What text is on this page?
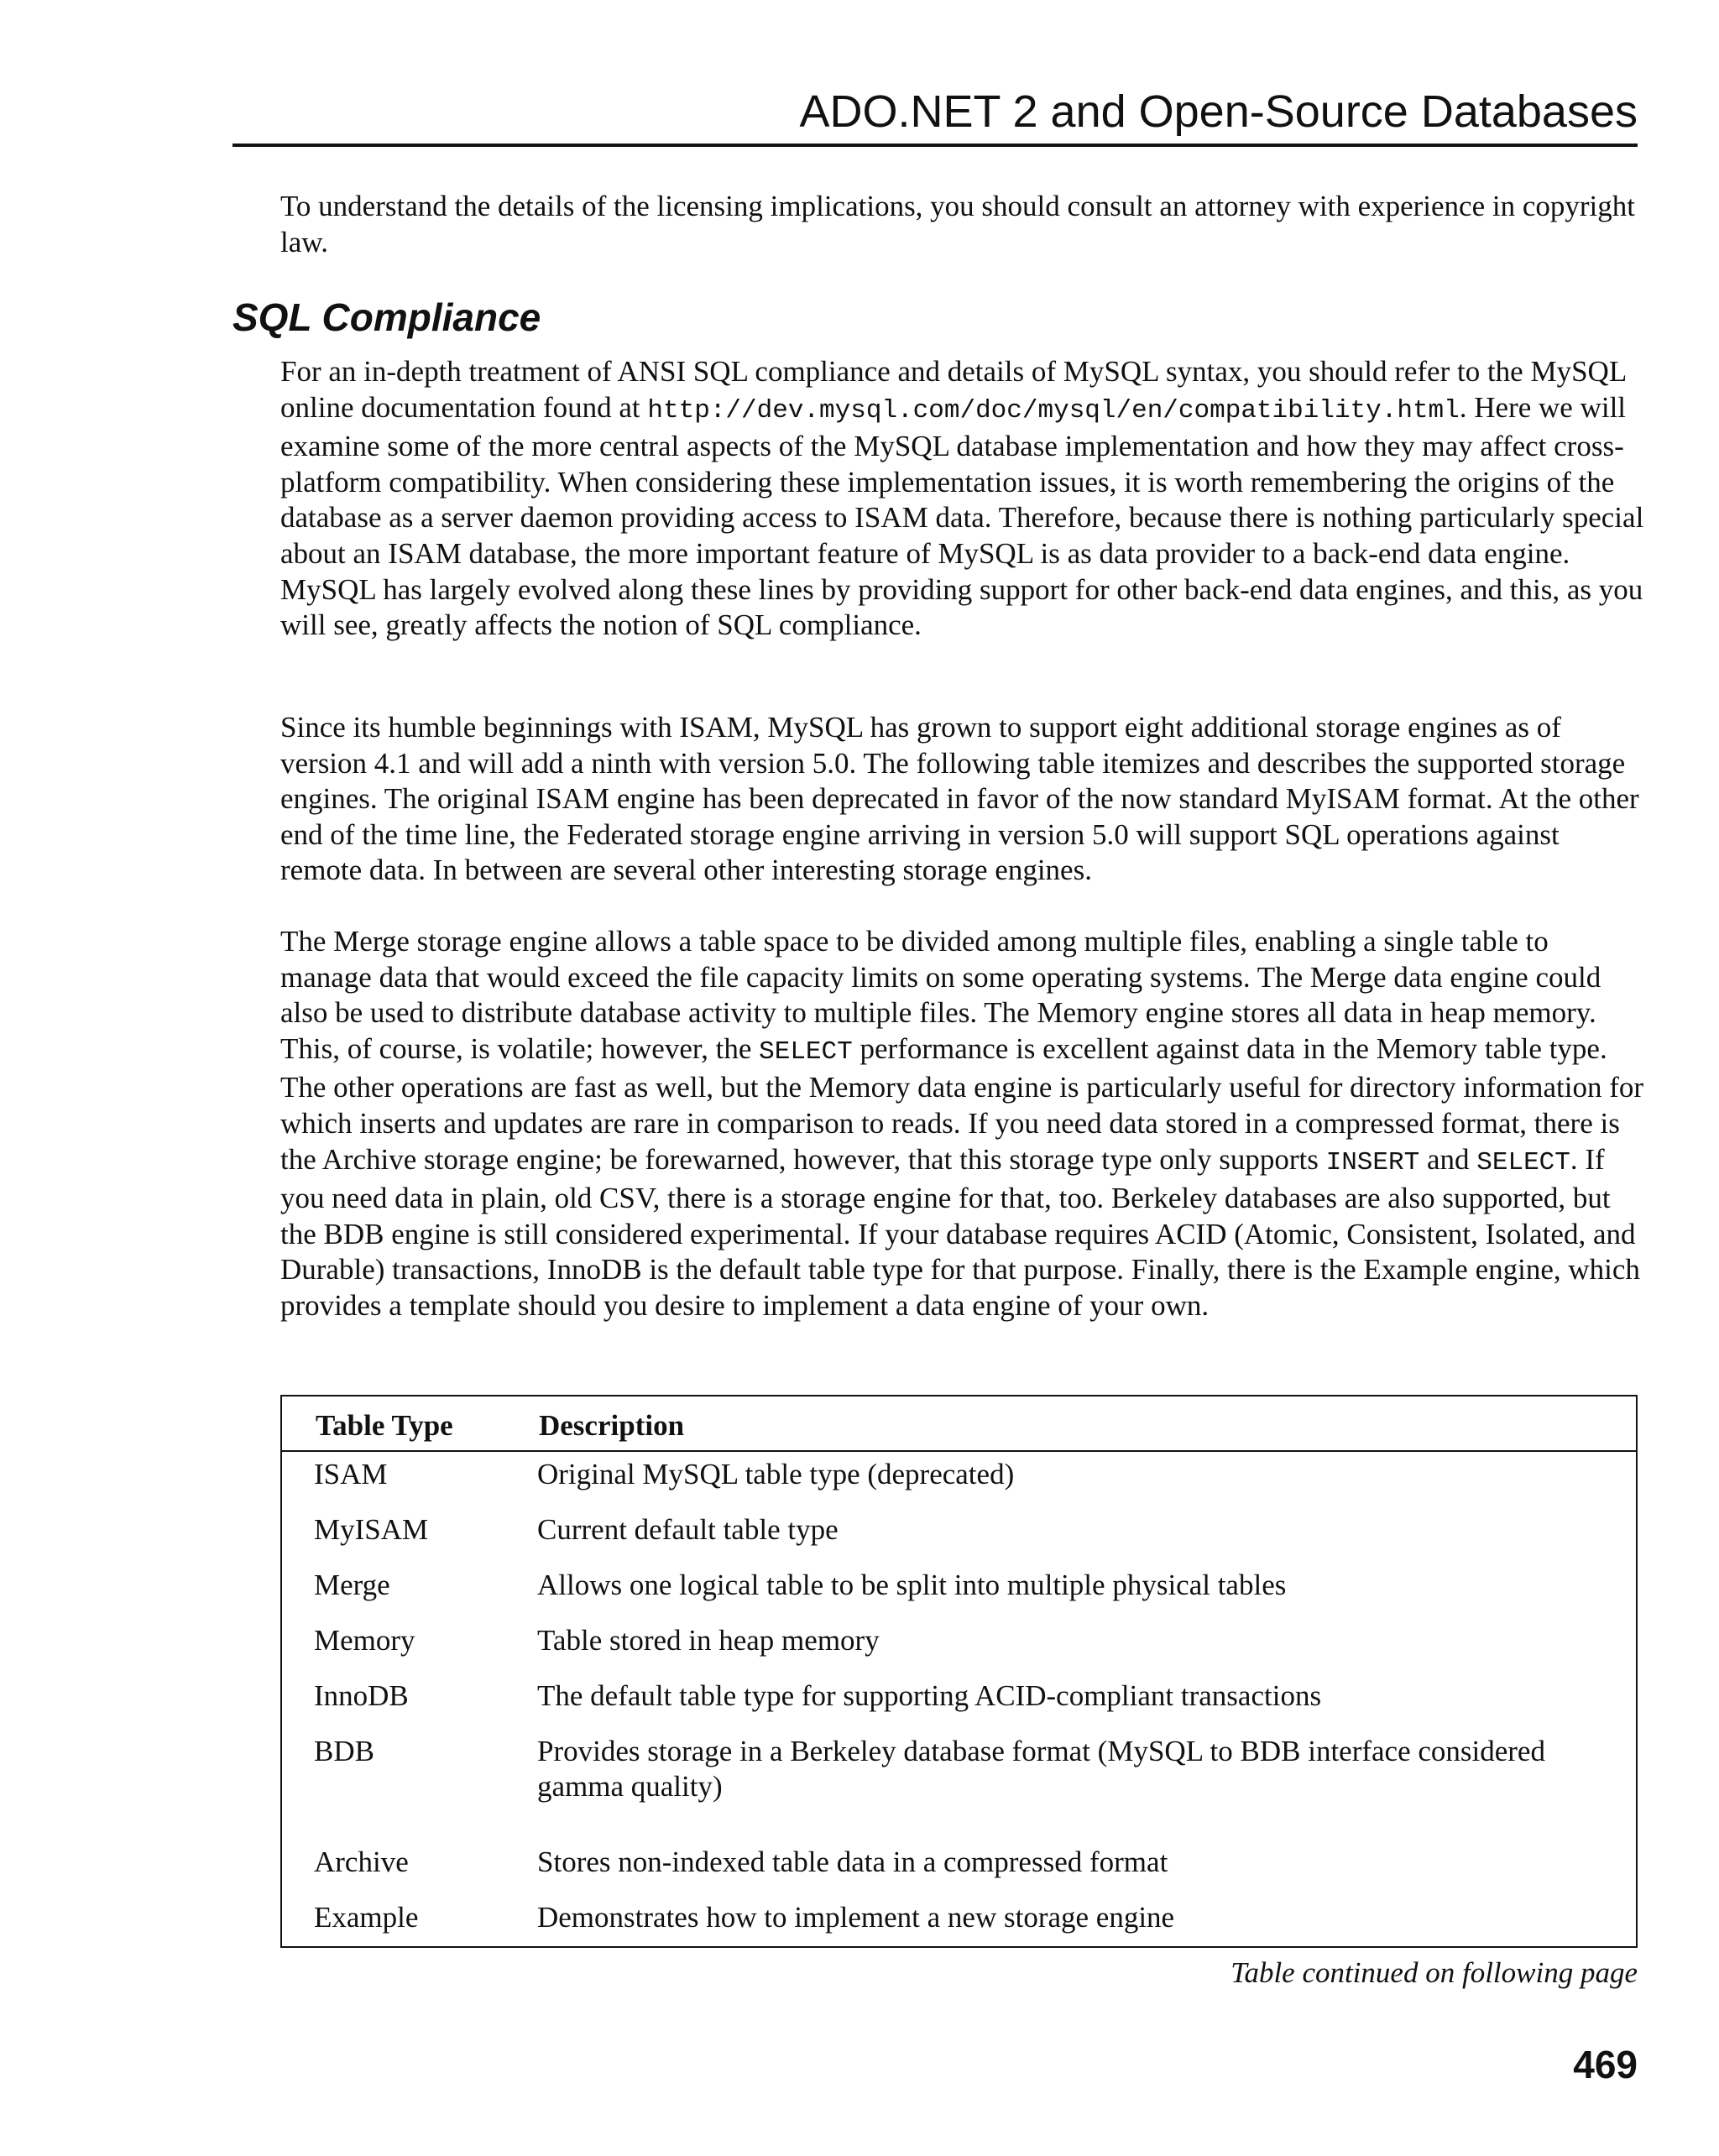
ADO.NET 2 and Open-Source Databases

To understand the details of the licensing implications, you should consult an attorney with experience in copyright law.

SQL Compliance

For an in-depth treatment of ANSI SQL compliance and details of MySQL syntax, you should refer to the MySQL online documentation found at http://dev.mysql.com/doc/mysql/en/compatibility.html. Here we will examine some of the more central aspects of the MySQL database implementation and how they may affect cross-platform compatibility. When considering these implementation issues, it is worth remembering the origins of the database as a server daemon providing access to ISAM data. Therefore, because there is nothing particularly special about an ISAM database, the more important feature of MySQL is as data provider to a back-end data engine. MySQL has largely evolved along these lines by providing support for other back-end data engines, and this, as you will see, greatly affects the notion of SQL compliance.

Since its humble beginnings with ISAM, MySQL has grown to support eight additional storage engines as of version 4.1 and will add a ninth with version 5.0. The following table itemizes and describes the supported storage engines. The original ISAM engine has been deprecated in favor of the now standard MyISAM format. At the other end of the time line, the Federated storage engine arriving in version 5.0 will support SQL operations against remote data. In between are several other interesting storage engines.

The Merge storage engine allows a table space to be divided among multiple files, enabling a single table to manage data that would exceed the file capacity limits on some operating systems. The Merge data engine could also be used to distribute database activity to multiple files. The Memory engine stores all data in heap memory. This, of course, is volatile; however, the SELECT performance is excellent against data in the Memory table type. The other operations are fast as well, but the Memory data engine is particularly useful for directory information for which inserts and updates are rare in comparison to reads. If you need data stored in a compressed format, there is the Archive storage engine; be forewarned, however, that this storage type only supports INSERT and SELECT. If you need data in plain, old CSV, there is a storage engine for that, too. Berkeley databases are also supported, but the BDB engine is still considered experimental. If your database requires ACID (Atomic, Consistent, Isolated, and Durable) transactions, InnoDB is the default table type for that purpose. Finally, there is the Example engine, which provides a template should you desire to implement a data engine of your own.

Table Type	Description
ISAM	Original MySQL table type (deprecated)
MyISAM	Current default table type
Merge	Allows one logical table to be split into multiple physical tables
Memory	Table stored in heap memory
InnoDB	The default table type for supporting ACID-compliant transactions
BDB	Provides storage in a Berkeley database format (MySQL to BDB interface considered gamma quality)
Archive	Stores non-indexed table data in a compressed format
Example	Demonstrates how to implement a new storage engine
Table continued on following page
469
